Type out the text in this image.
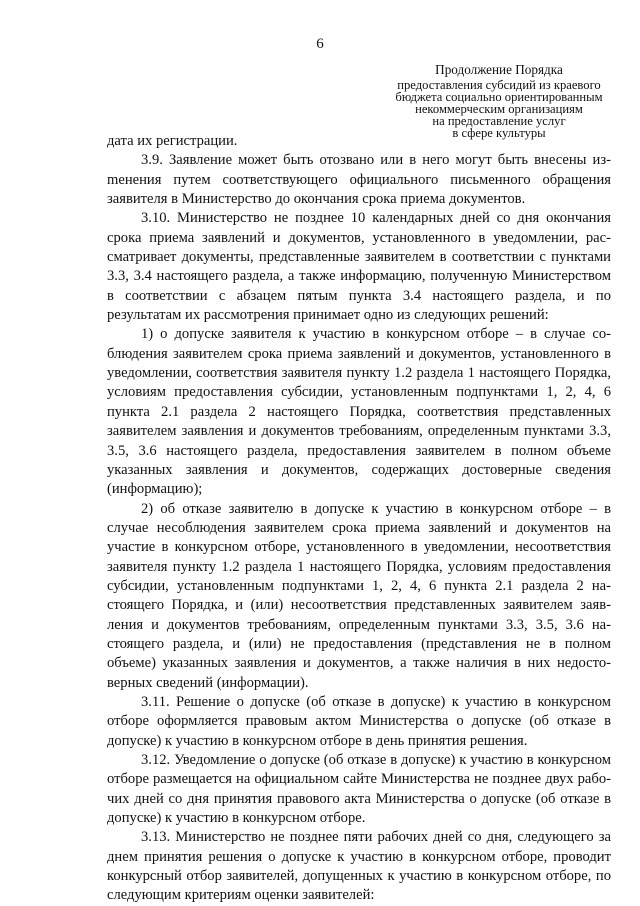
6
Продолжение Порядка
предоставления субсидий из краевого
бюджета социально ориентированным
некоммерческим организациям
на предоставление услуг
в сфере культуры

дата их регистрации.

3.9. Заявление может быть отозвано или в него могут быть внесены изmенения путем соответствующего официального письменного обращения заявителя в Министерство до окончания срока приема документов.

3.10. Министерство не позднее 10 календарных дней со дня окончания срока приема заявлений и документов, установленного в уведомлении, рассматривает документы, представленные заявителем в соответствии с пунктами 3.3, 3.4 настоящего раздела, а также информацию, полученную Министерством в соответствии с абзацем пятым пункта 3.4 настоящего раздела, и по результатам их рассмотрения принимает одно из следующих решений:

1) о допуске заявителя к участию в конкурсном отборе – в случае соблюдения заявителем срока приема заявлений и документов, установленного в уведомлении, соответствия заявителя пункту 1.2 раздела 1 настоящего Порядка, условиям предоставления субсидии, установленным подпунктами 1, 2, 4, 6 пункта 2.1 раздела 2 настоящего Порядка, соответствия представленных заявителем заявления и документов требованиям, определенным пунктами 3.3, 3.5, 3.6 настоящего раздела, предоставления заявителем в полном объеме указанных заявления и документов, содержащих достоверные сведения (информацию);

2) об отказе заявителю в допуске к участию в конкурсном отборе – в случае несоблюдения заявителем срока приема заявлений и документов на участие в конкурсном отборе, установленного в уведомлении, несоответствия заявителя пункту 1.2 раздела 1 настоящего Порядка, условиям предоставления субсидии, установленным подпунктами 1, 2, 4, 6 пункта 2.1 раздела 2 настоящего Порядка, и (или) несоответствия представленных заявителем заявления и документов требованиям, определенным пунктами 3.3, 3.5, 3.6 настоящего раздела, и (или) не предоставления (представления не в полном объеме) указанных заявления и документов, а также наличия в них недостоверных сведений (информации).

3.11. Решение о допуске (об отказе в допуске) к участию в конкурсном отборе оформляется правовым актом Министерства о допуске (об отказе в допуске) к участию в конкурсном отборе в день принятия решения.

3.12. Уведомление о допуске (об отказе в допуске) к участию в конкурсном отборе размещается на официальном сайте Министерства не позднее двух рабочих дней со дня принятия правового акта Министерства о допуске (об отказе в допуске) к участию в конкурсном отборе.

3.13. Министерство не позднее пяти рабочих дней со дня, следующего за днем принятия решения о допуске к участию в конкурсном отборе, проводит конкурсный отбор заявителей, допущенных к участию в конкурсном отборе, по следующим критериям оценки заявителей:
